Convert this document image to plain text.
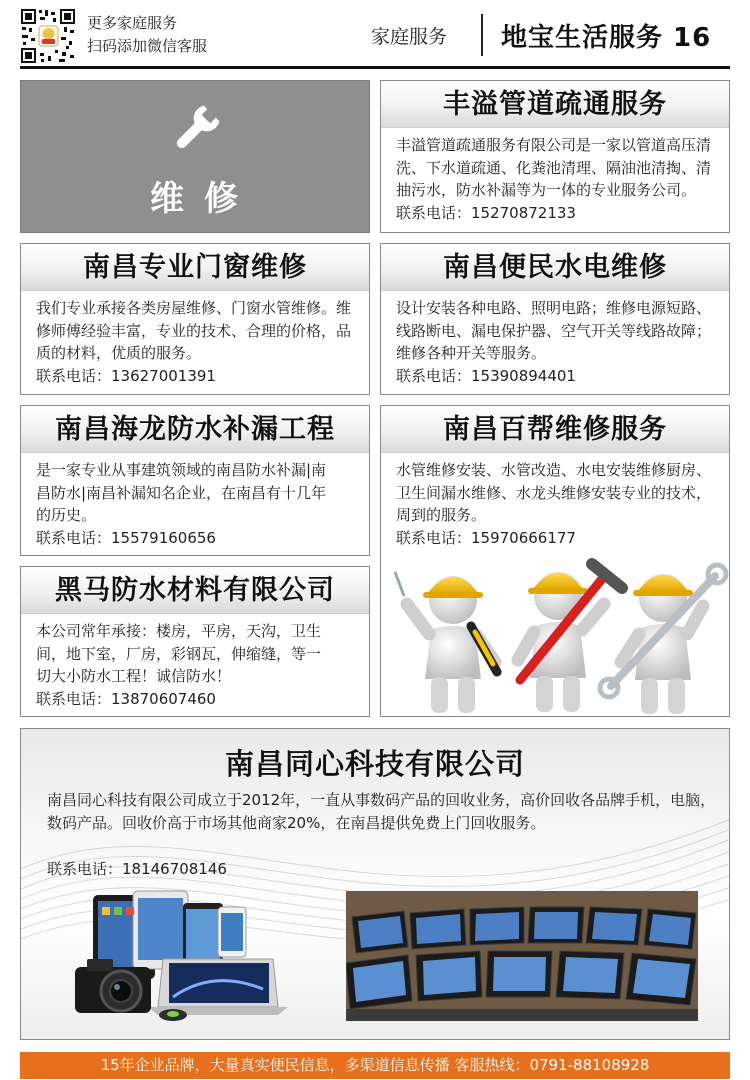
更多家庭服务
扫码添加微信客服	家庭服务 地宝生活服务 16
维修
丰溢管道疏通服务
丰溢管道疏通服务有限公司是一家以管道高压清洗、下水道疏通、化粪池清理、隔油池清掏、清抽污水，防水补漏等为一体的专业服务公司。
联系电话：15270872133
南昌专业门窗维修
我们专业承接各类房屋维修、门窗水管维修。维修师傅经验丰富，专业的技术、合理的价格，品质的材料，优质的服务。
联系电话：13627001391
南昌便民水电维修
设计安装各种电路、照明电路；维修电源短路、线路断电、漏电保护器、空气开关等线路故障； 维修各种开关等服务。
联系电话：15390894401
南昌海龙防水补漏工程
是一家专业从事建筑领域的南昌防水补漏|南昌防水|南昌补漏知名企业，在南昌有十几年的历史。
联系电话：15579160656
南昌百帮维修服务
水管维修安装、水管改造、水电安装维修厨房、卫生间漏水维修、水龙头维修安装专业的技术，周到的服务。
联系电话：15970666177
黑马防水材料有限公司
本公司常年承接：楼房，平房，天沟，卫生间，地下室，厂房，彩钢瓦，伸缩缝，等一切大小防水工程！诚信防水！
联系电话：13870607460
南昌同心科技有限公司
南昌同心科技有限公司成立于2012年，一直从事数码产品的回收业务，高价回收各品牌手机，电脑，数码产品。回收价高于市场其他商家20%，在南昌提供免费上门回收服务。
联系电话：18146708146
15年企业品牌，大量真实便民信息，多渠道信息传播 客服热线：0791-88108928
